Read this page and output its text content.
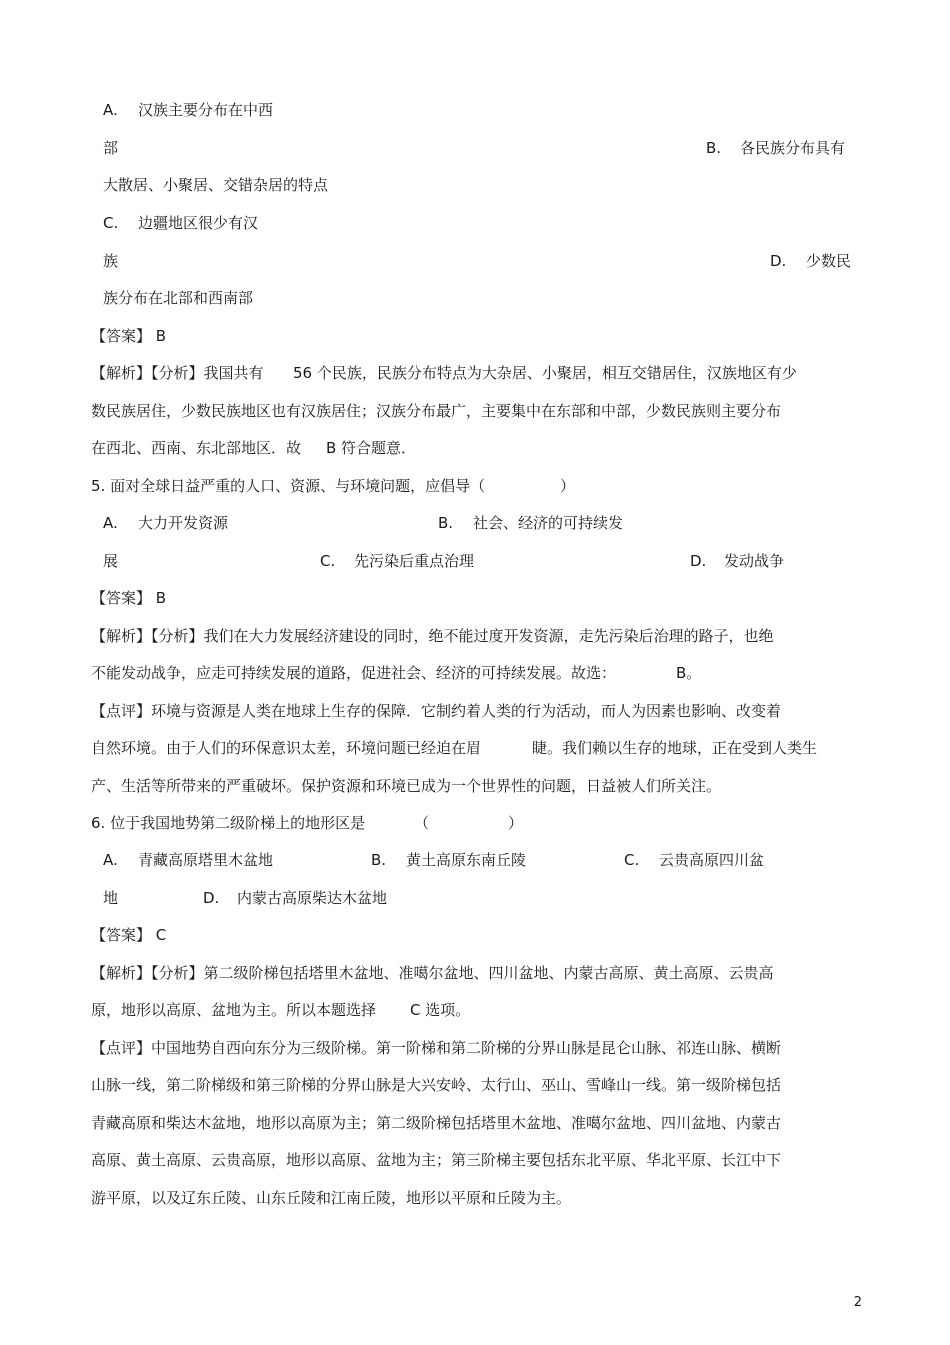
A. 汉族主要分布在中西
部	B. 各民族分布具有
大散居、小聚居、交错杂居的特点
C. 边疆地区很少有汉
族	D. 少数民
族分布在北部和西南部
【答案】 B
【解析】【分析】我国共有 56 个民族，民族分布特点为大杂居、小聚居，相互交错居住，汉族地区有少
数民族居住，少数民族地区也有汉族居住；汉族分布最广，主要集中在东部和中部，少数民族则主要分布
在西北、西南、东北部地区．故 B 符合题意．
5. 面对全球日益严重的人口、资源、与环境问题，应倡导（	）
A. 大力开发资源	B. 社会、经济的可持续发
展	C. 先污染后重点治理	D. 发动战争
【答案】 B
【解析】【分析】我们在大力发展经济建设的同时，绝不能过度开发资源，走先污染后治理的路子，也绝
不能发动战争，应走可持续发展的道路，促进社会、经济的可持续发展。故选：	B。
【点评】环境与资源是人类在地球上生存的保障．它制约着人类的行为活动，而人为因素也影响、改变着
自然环境。由于人们的环保意识太差，环境问题已经迫在眉	睫。我们赖以生存的地球，正在受到人类生
产、生活等所带来的严重破坏。保护资源和环境已成为一个世界性的问题，日益被人们所关注。
6. 位于我国地势第二级阶梯上的地形区是	（	）
A. 青藏高原塔里木盆地	B. 黄土高原东南丘陵	C. 云贵高原四川盆
地	D. 内蒙古高原柴达木盆地
【答案】 C
【解析】【分析】第二级阶梯包括塔里木盆地、准噶尔盆地、四川盆地、内蒙古高原、黄土高原、云贵高
原，地形以高原、盆地为主。所以本题选择 C 选项。
【点评】中国地势自西向东分为三级阶梯。第一阶梯和第二阶梯的分界山脉是昆仑山脉、祁连山脉、横断
山脉一线，第二阶梯级和第三阶梯的分界山脉是大兴安岭、太行山、巫山、雪峰山一线。第一级阶梯包括
青藏高原和柴达木盆地，地形以高原为主；第二级阶梯包括塔里木盆地、准噶尔盆地、四川盆地、内蒙古
高原、黄土高原、云贵高原，地形以高原、盆地为主；第三阶梯主要包括东北平原、华北平原、长江中下
游平原，以及辽东丘陵、山东丘陵和江南丘陵，地形以平原和丘陵为主。
2
